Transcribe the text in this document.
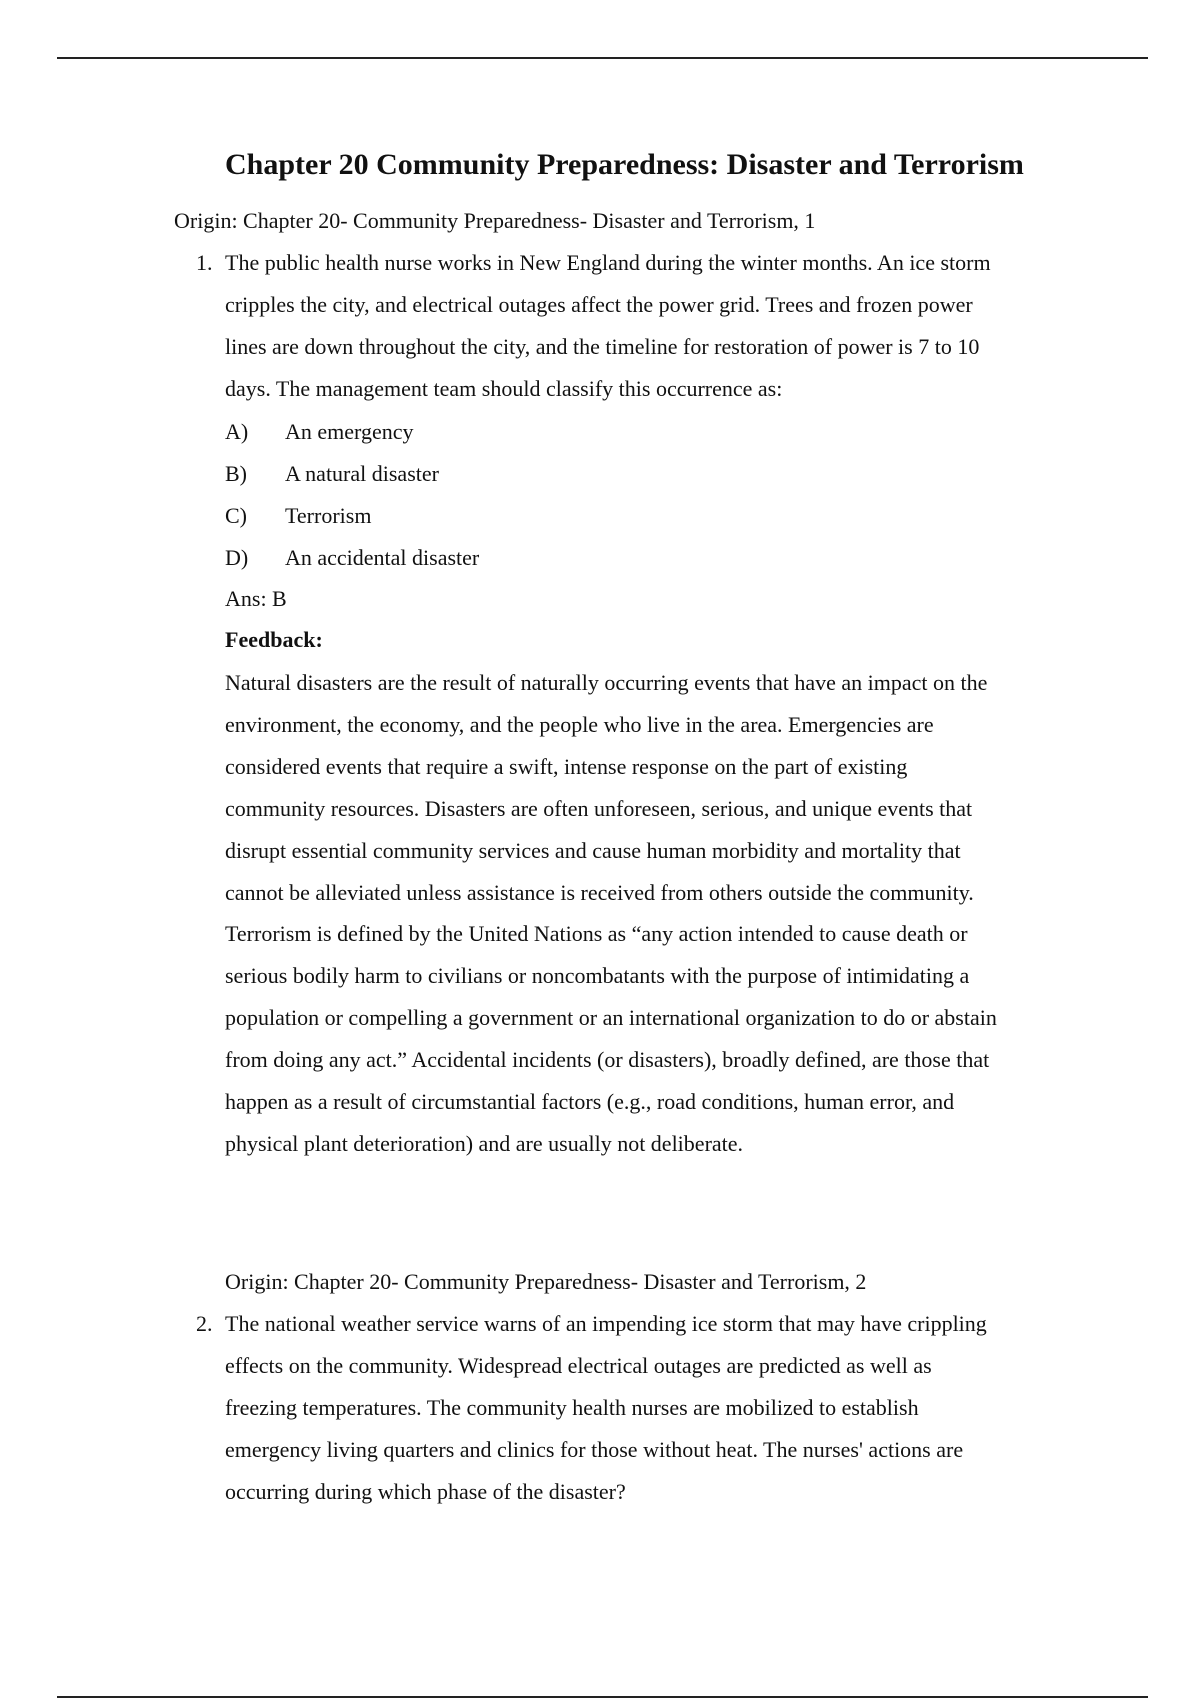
Chapter 20 Community Preparedness: Disaster and Terrorism
Origin: Chapter 20- Community Preparedness- Disaster and Terrorism, 1
1. The public health nurse works in New England during the winter months. An ice storm
cripples the city, and electrical outages affect the power grid. Trees and frozen power
lines are down throughout the city, and the timeline for restoration of power is 7 to 10
days. The management team should classify this occurrence as:
A) An emergency
B) A natural disaster
C) Terrorism
D) An accidental disaster
Ans: B
Feedback:
Natural disasters are the result of naturally occurring events that have an impact on the
environment, the economy, and the people who live in the area. Emergencies are
considered events that require a swift, intense response on the part of existing
community resources. Disasters are often unforeseen, serious, and unique events that
disrupt essential community services and cause human morbidity and mortality that
cannot be alleviated unless assistance is received from others outside the community.
Terrorism is defined by the United Nations as “any action intended to cause death or
serious bodily harm to civilians or noncombatants with the purpose of intimidating a
population or compelling a government or an international organization to do or abstain
from doing any act.” Accidental incidents (or disasters), broadly defined, are those that
happen as a result of circumstantial factors (e.g., road conditions, human error, and
physical plant deterioration) and are usually not deliberate.
Origin: Chapter 20- Community Preparedness- Disaster and Terrorism, 2
2. The national weather service warns of an impending ice storm that may have crippling
effects on the community. Widespread electrical outages are predicted as well as
freezing temperatures. The community health nurses are mobilized to establish
emergency living quarters and clinics for those without heat. The nurses' actions are
occurring during which phase of the disaster?
